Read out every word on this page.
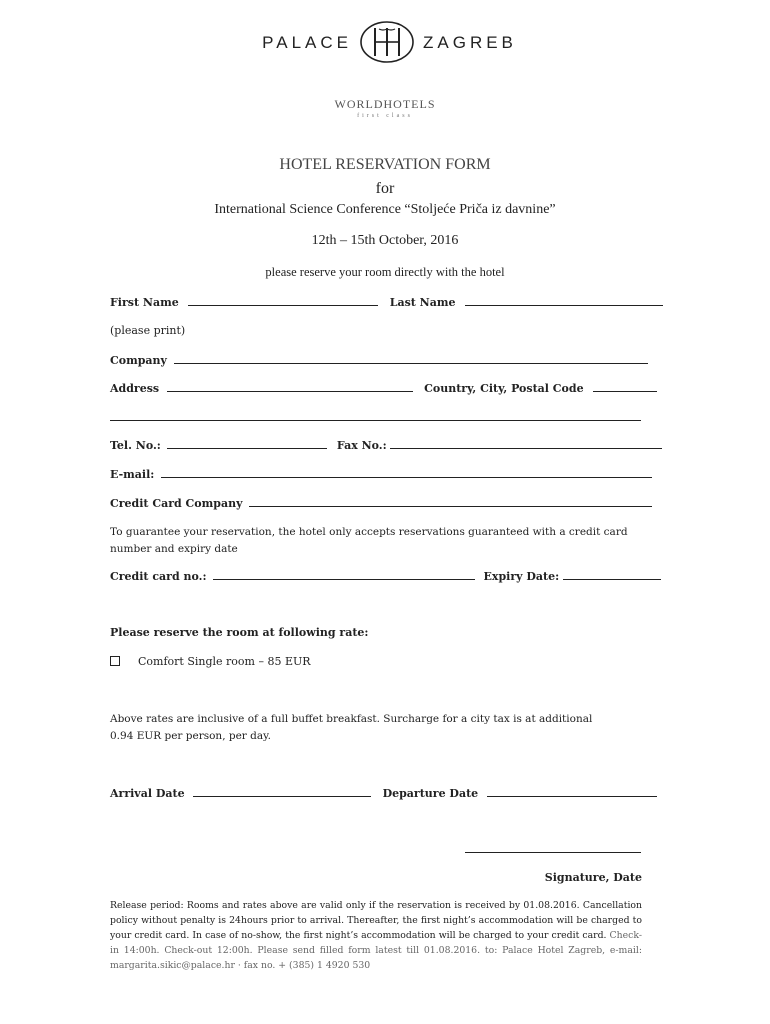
PALACE	ZAGREB
WORLDHOTELS
first class
HOTEL RESERVATION FORM
for
International Science Conference “Stoljeće Priča iz davnine”
12th – 15th October, 2016
please reserve your room directly with the hotel
First Name	Last Name
(please print)
Company
Address	Country, City, Postal Code
Tel. No.:	Fax No.:
E-mail:
Credit Card Company
To guarantee your reservation, the hotel only accepts reservations guaranteed with a credit card number and expiry date
Credit card no.:	Expiry Date:
Please reserve the room at following rate:
Comfort Single room – 85 EUR
Above rates are inclusive of a full buffet breakfast. Surcharge for a city tax is at additional 0.94 EUR per person, per day.
Arrival Date	Departure Date
Signature, Date
Release period: Rooms and rates above are valid only if the reservation is received by 01.08.2016. Cancellation policy without penalty is 24hours prior to arrival. Thereafter, the first night’s accommodation will be charged to your credit card. In case of no-show, the first night’s accommodation will be charged to your credit card. Check-in 14:00h. Check-out 12:00h. Please send filled form latest till 01.08.2016. to: Palace Hotel Zagreb, e-mail: margarita.sikic@palace.hr · fax no. + (385) 1 4920 530
